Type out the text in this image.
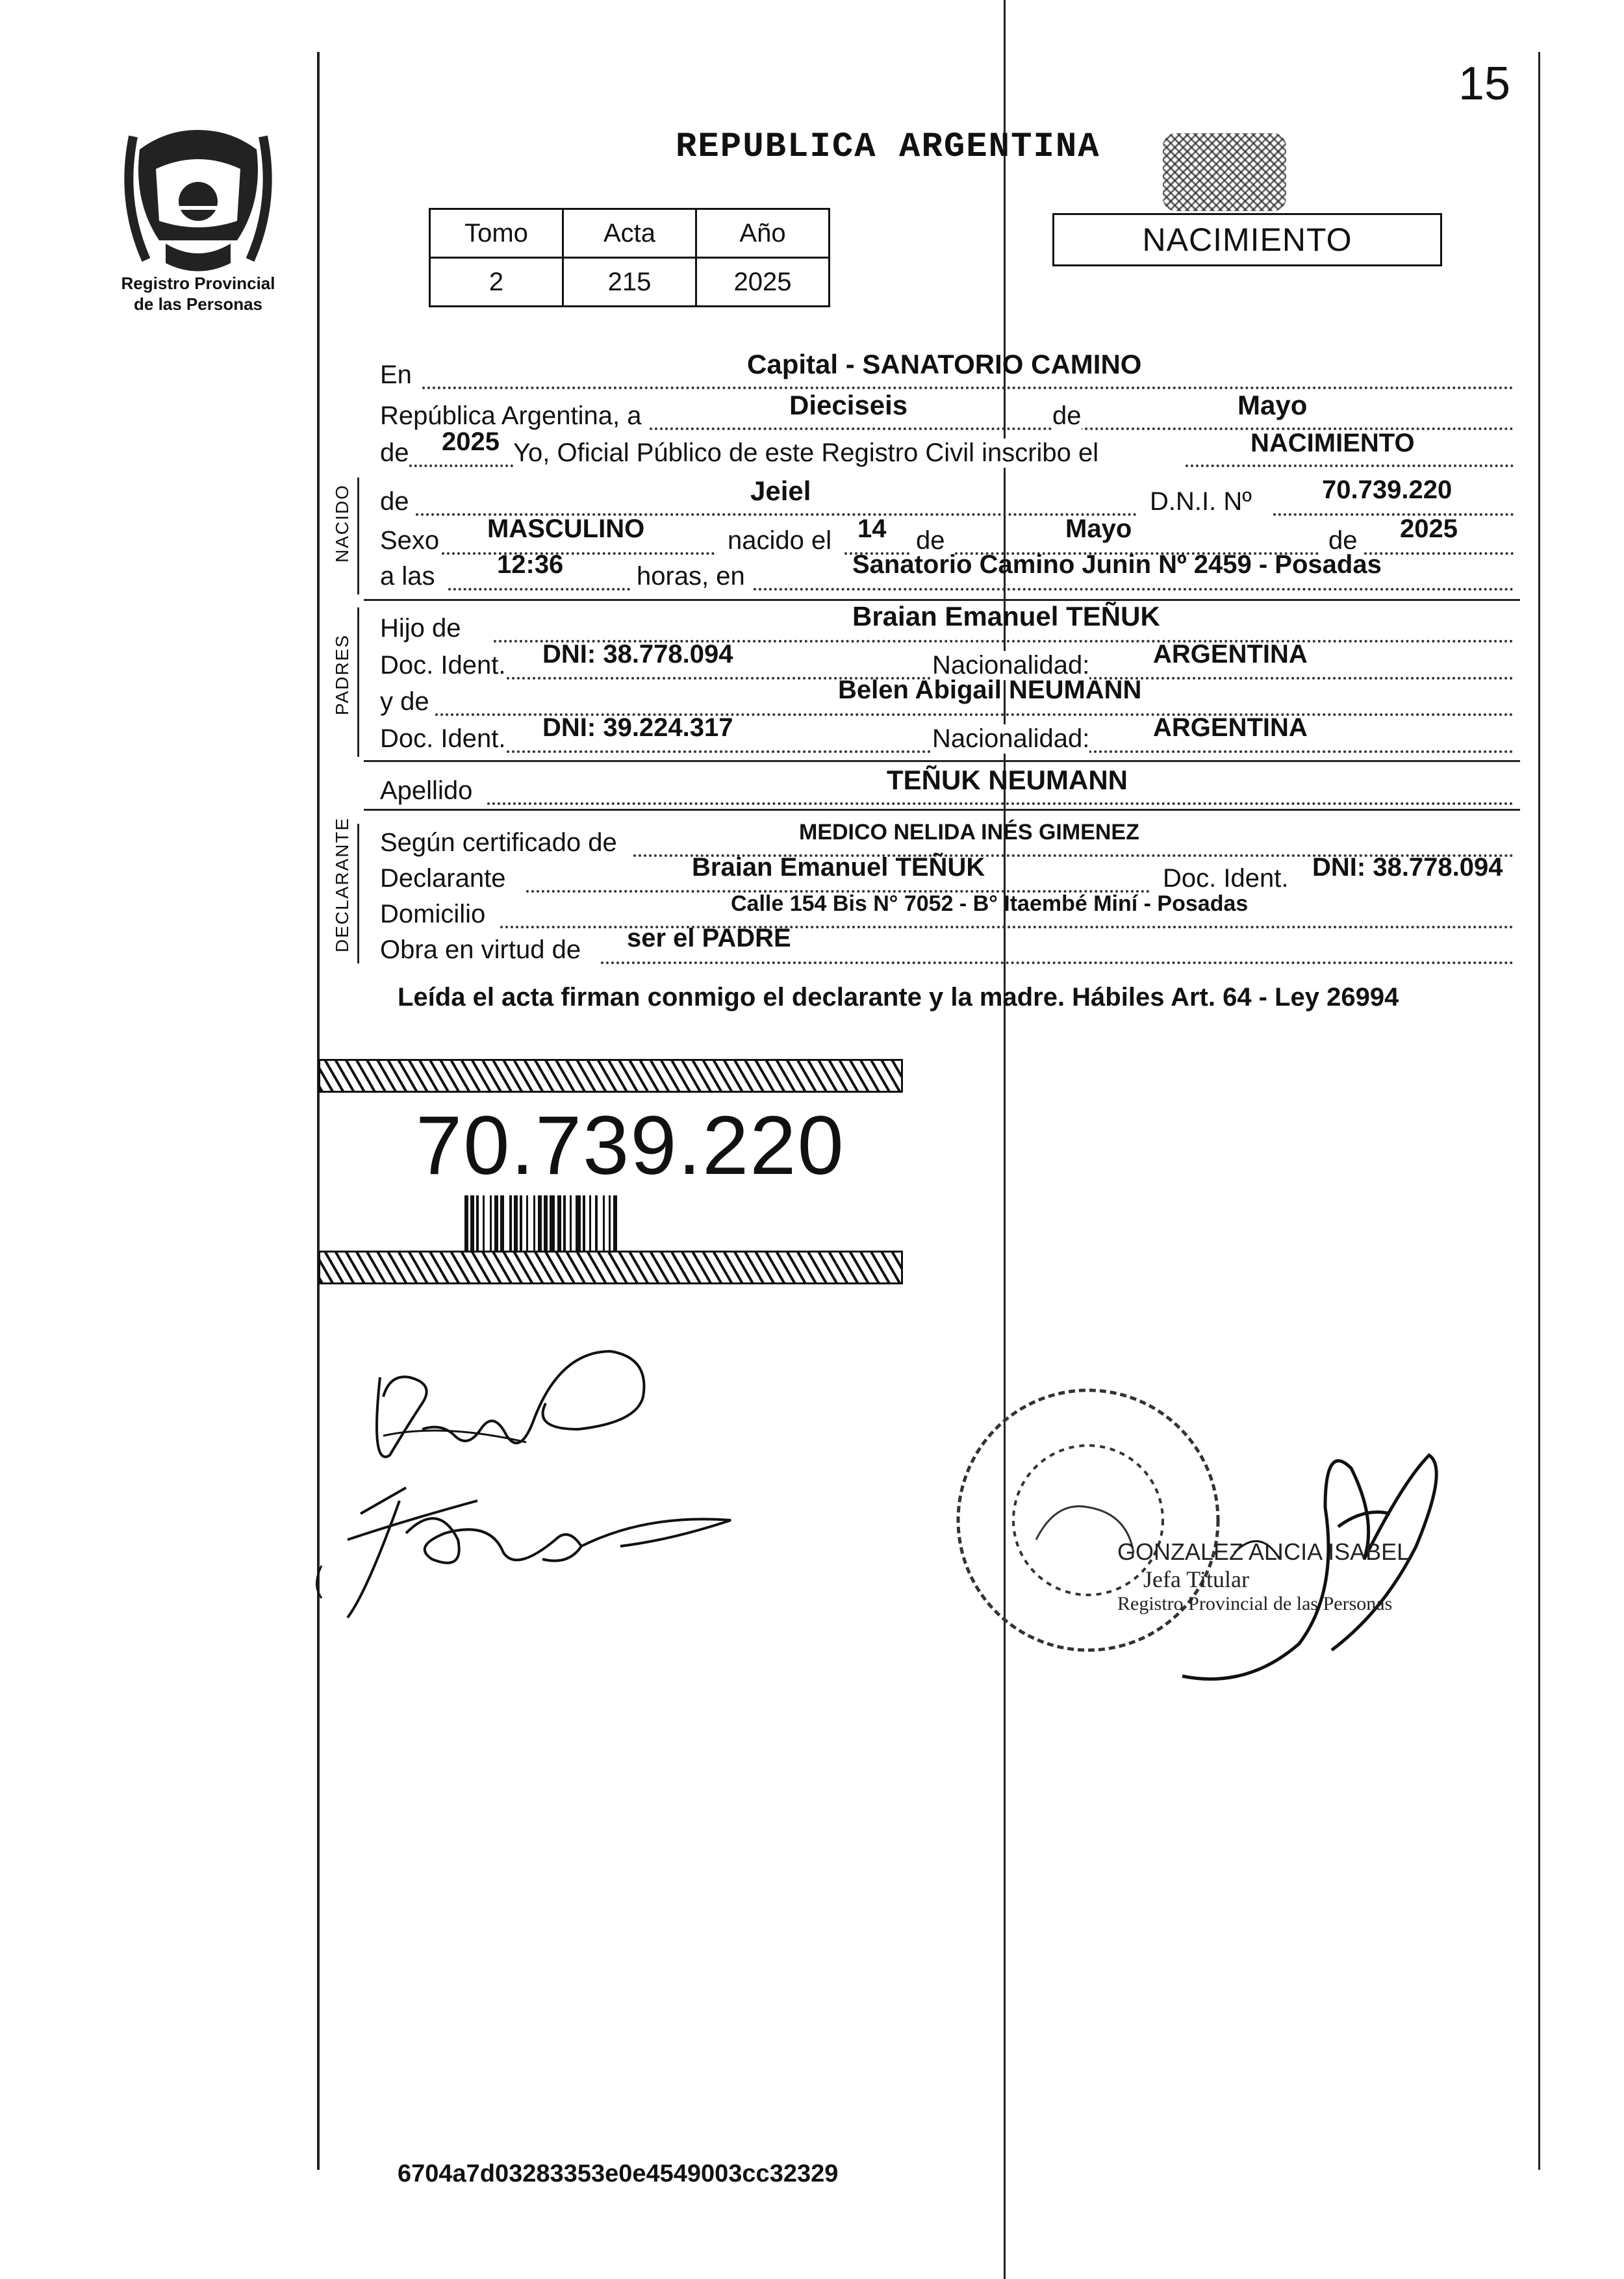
15
Registro Provincial
de las Personas
REPUBLICA ARGENTINA
Tomo	Acta	Año
2	215	2025
NACIMIENTO
En	Capital - SANATORIO CAMINO
República Argentina, a	Dieciseis	de	Mayo
de 2025 Yo, Oficial Público de este Registro Civil inscribo el	NACIMIENTO
NACIDO de	Jeiel	D.N.I. Nº	70.739.220
Sexo MASCULINO	nacido el 14 de	Mayo	de 2025
a las 12:36	horas, en	Sanatorio Camino Junin Nº 2459 - Posadas
PADRES
Hijo de	Braian Emanuel TEÑUK
Doc. Ident. DNI: 38.778.094	Nacionalidad: ARGENTINA
y de	Belen Abigail NEUMANN
Doc. Ident. DNI: 39.224.317	Nacionalidad: ARGENTINA
Apellido	TEÑUK NEUMANN
DECLARANTE Según certificado de	MEDICO NELIDA INÉS GIMENEZ
Declarante	Braian Emanuel TEÑUK	Doc. Ident. DNI: 38.778.094
Domicilio	Calle 154 Bis N° 7052 - B° Itaembé Miní - Posadas
Obra en virtud de ser el PADRE
Leída el acta firman conmigo el declarante y la madre. Hábiles Art. 64 - Ley 26994
70.739.220
GONZALEZ ALICIA ISABEL
Jefa Titular
Registro Provincial de las Personas
6704a7d03283353e0e4549003cc32329
